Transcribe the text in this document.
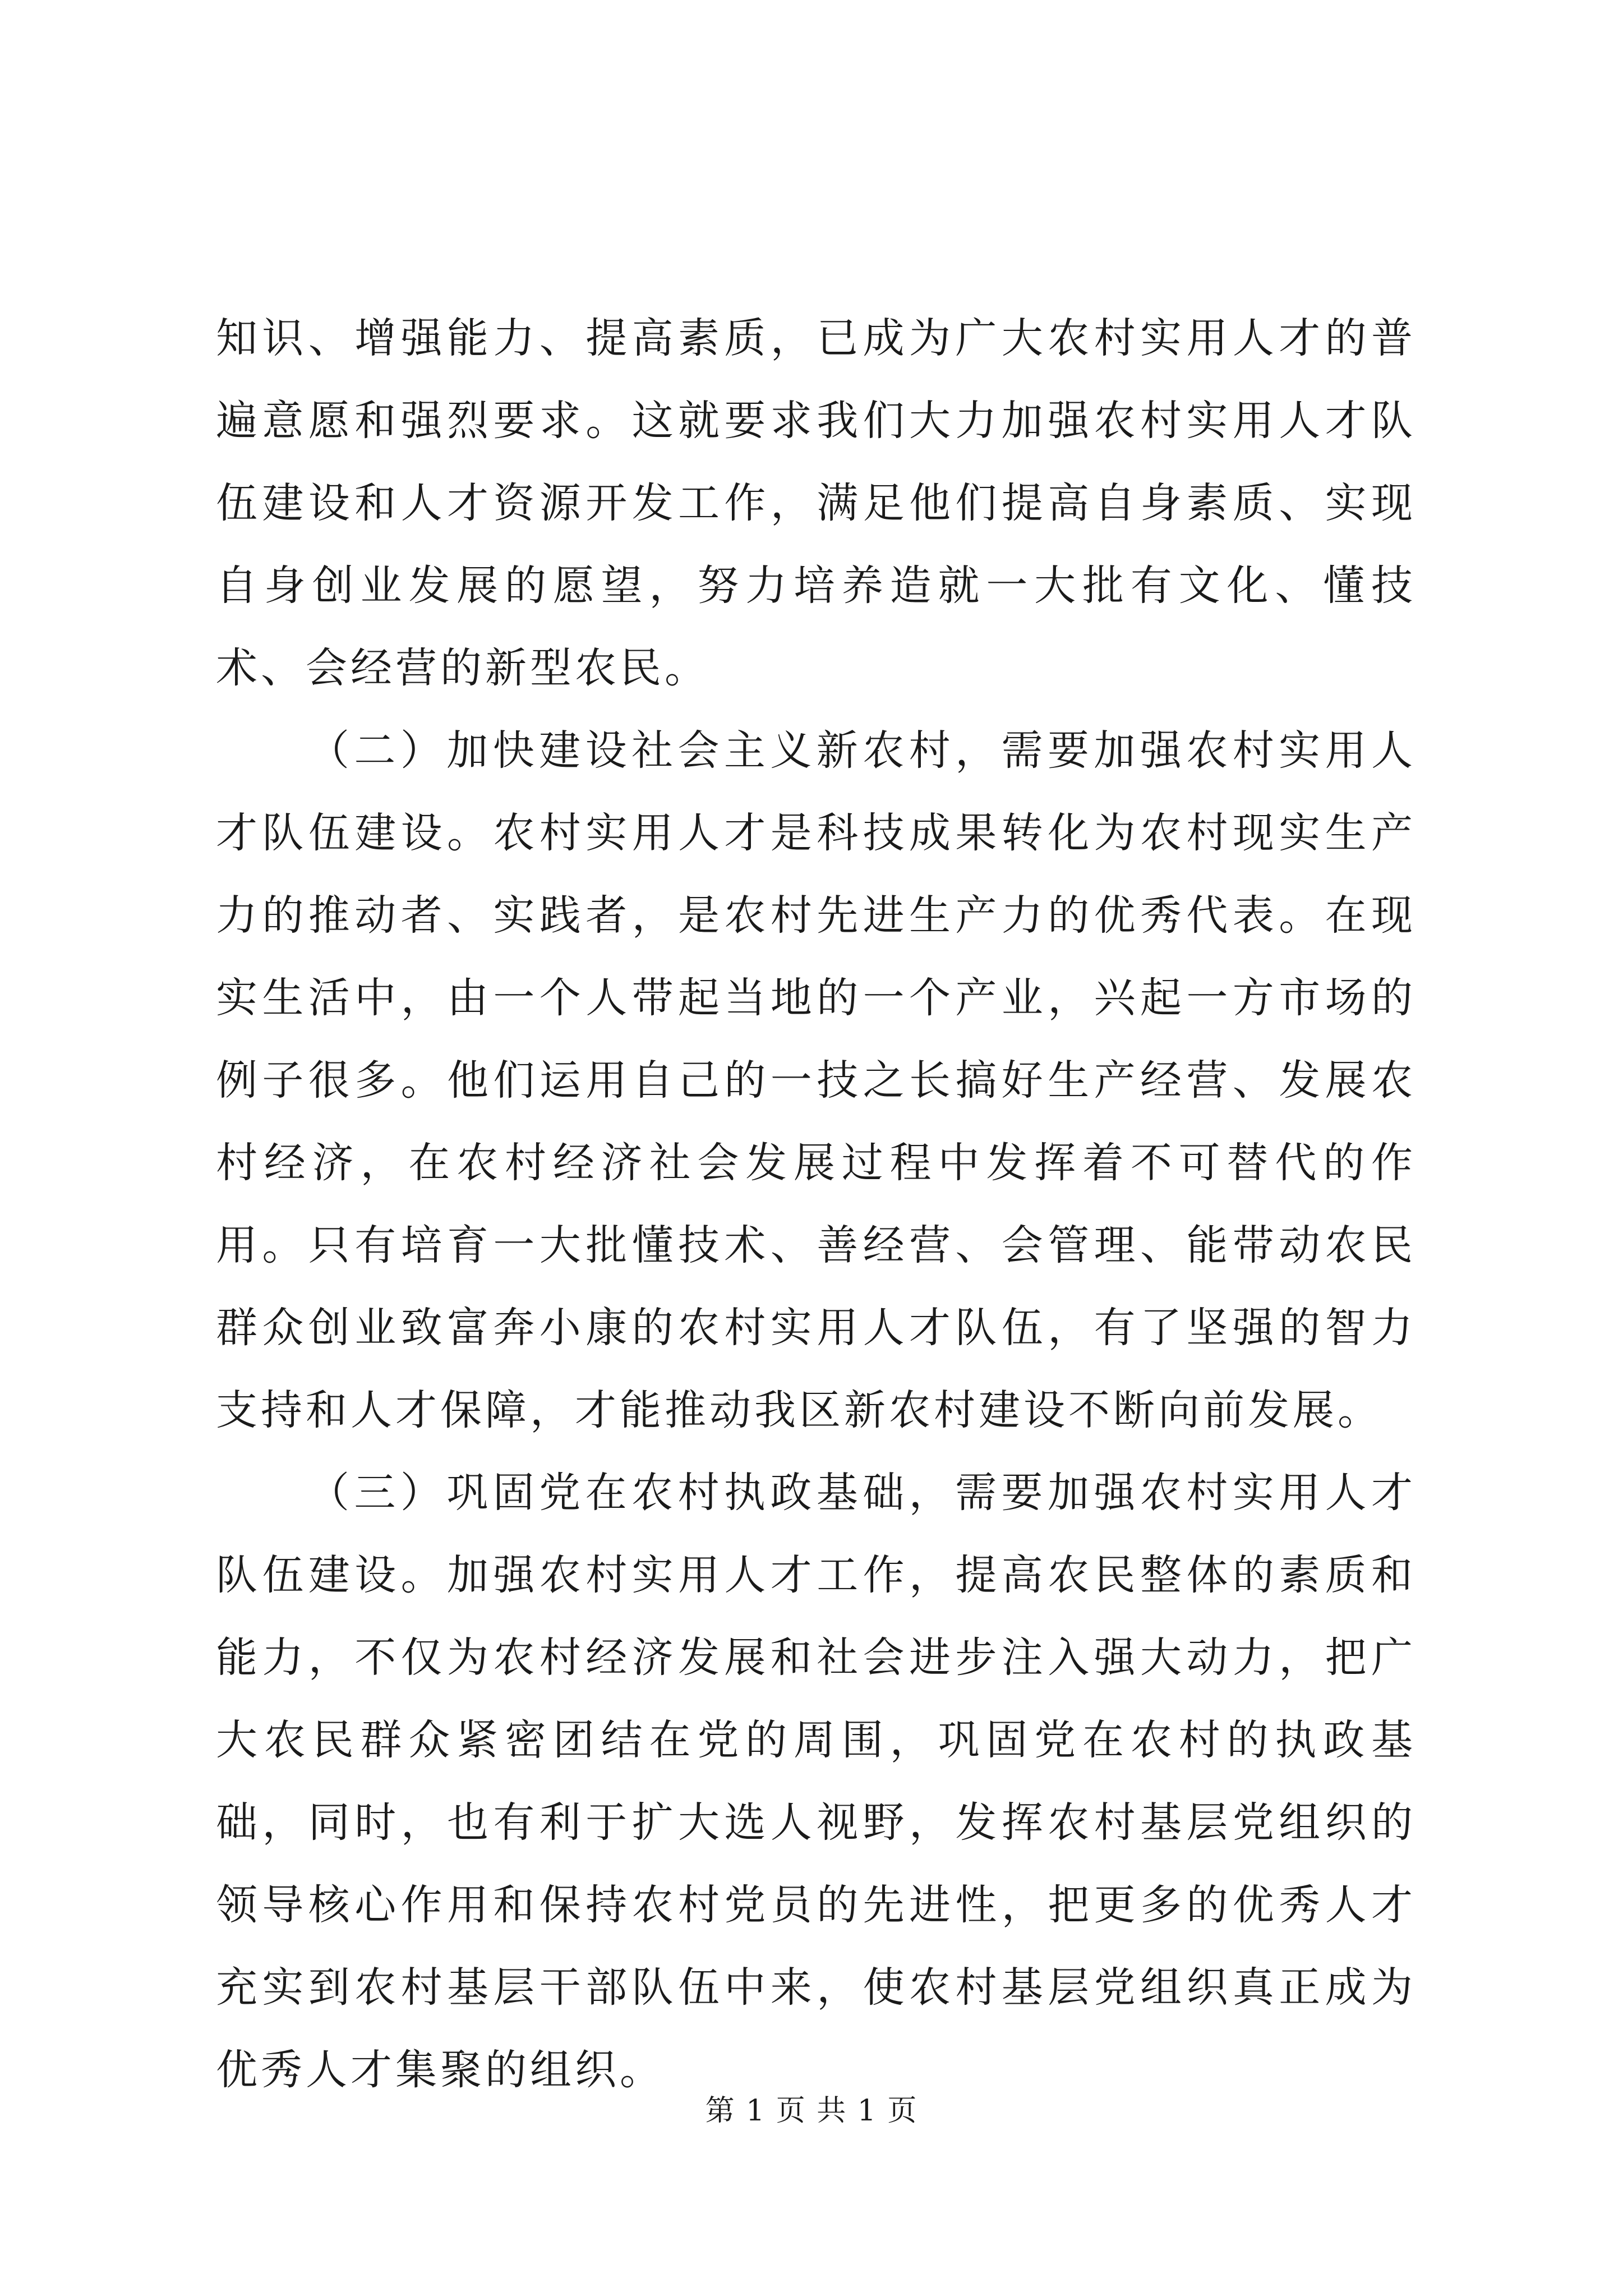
知识、增强能力、提高素质，已成为广大农村实用人才的普遍意愿和强烈要求。这就要求我们大力加强农村实用人才队伍建设和人才资源开发工作，满足他们提高自身素质、实现自身创业发展的愿望，努力培养造就一大批有文化、懂技术、会经营的新型农民。

（二）加快建设社会主义新农村，需要加强农村实用人才队伍建设。农村实用人才是科技成果转化为农村现实生产力的推动者、实践者，是农村先进生产力的优秀代表。在现实生活中，由一个人带起当地的一个产业，兴起一方市场的例子很多。他们运用自己的一技之长搞好生产经营、发展农村经济，在农村经济社会发展过程中发挥着不可替代的作用。只有培育一大批懂技术、善经营、会管理、能带动农民群众创业致富奔小康的农村实用人才队伍，有了坚强的智力支持和人才保障，才能推动我区新农村建设不断向前发展。

（三）巩固党在农村执政基础，需要加强农村实用人才队伍建设。加强农村实用人才工作，提高农民整体的素质和能力，不仅为农村经济发展和社会进步注入强大动力，把广大农民群众紧密团结在党的周围，巩固党在农村的执政基础，同时，也有利于扩大选人视野，发挥农村基层党组织的领导核心作用和保持农村党员的先进性，把更多的优秀人才充实到农村基层干部队伍中来，使农村基层党组织真正成为优秀人才集聚的组织。

第 1 页 共 1 页
